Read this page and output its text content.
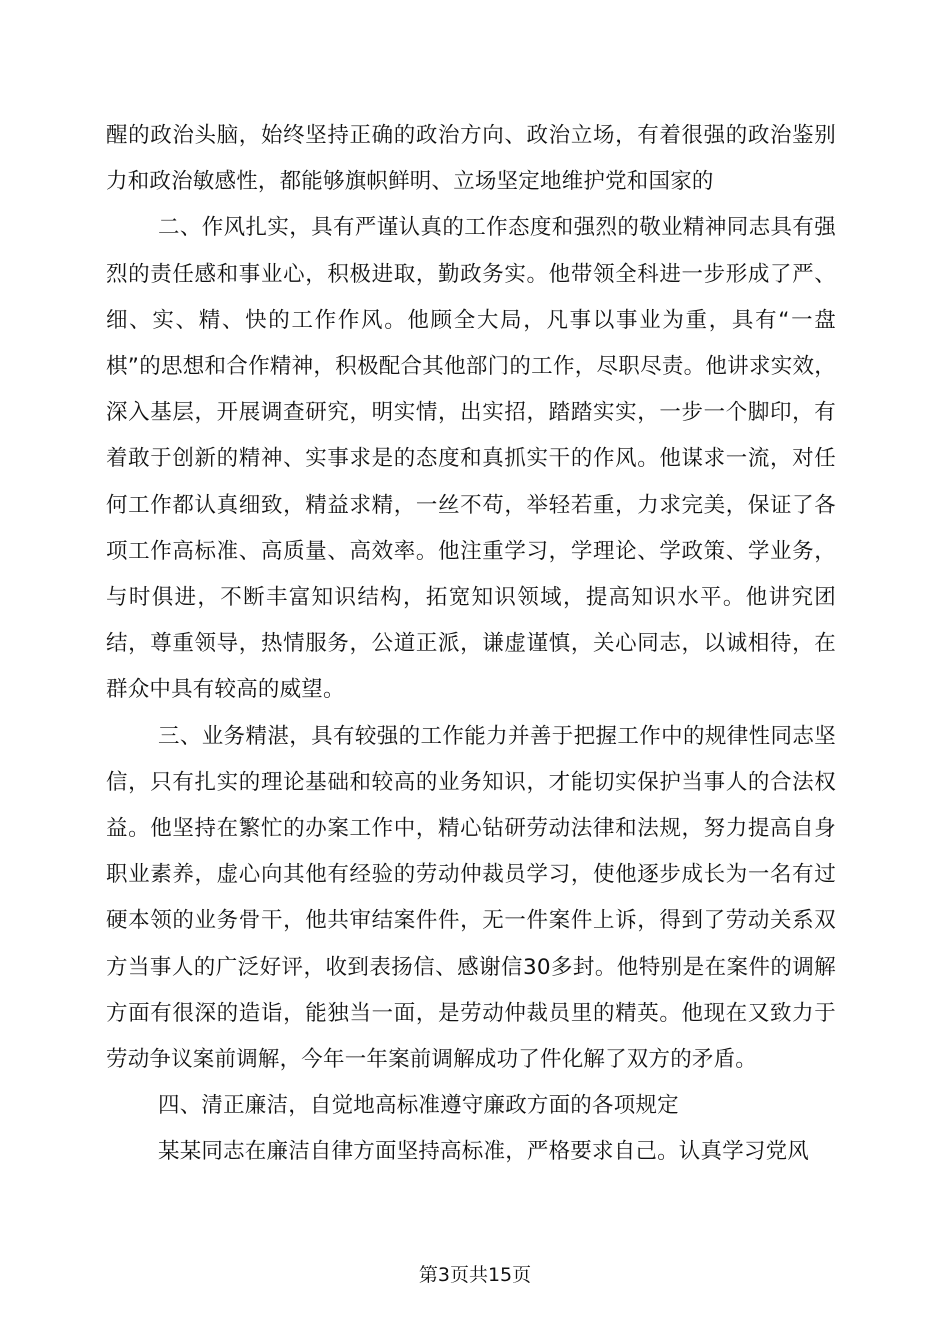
醒的政治头脑，始终坚持正确的政治方向、政治立场，有着很强的政治鉴别力和政治敏感性，都能够旗帜鲜明、立场坚定地维护党和国家的

二、作风扎实，具有严谨认真的工作态度和强烈的敬业精神同志具有强烈的责任感和事业心，积极进取，勤政务实。他带领全科进一步形成了严、细、实、精、快的工作作风。他顾全大局，凡事以事业为重，具有“一盘棋”的思想和合作精神，积极配合其他部门的工作，尽职尽责。他讲求实效，深入基层，开展调查研究，明实情，出实招，踏踏实实，一步一个脚印，有着敢于创新的精神、实事求是的态度和真抓实干的作风。他谋求一流，对任何工作都认真细致，精益求精，一丝不苟，举轻若重，力求完美，保证了各项工作高标准、高质量、高效率。他注重学习，学理论、学政策、学业务，与时俱进，不断丰富知识结构，拓宽知识领域，提高知识水平。他讲究团结，尊重领导，热情服务，公道正派，谦虚谨慎，关心同志，以诚相待，在群众中具有较高的威望。

三、业务精湛，具有较强的工作能力并善于把握工作中的规律性同志坚信，只有扎实的理论基础和较高的业务知识，才能切实保护当事人的合法权益。他坚持在繁忙的办案工作中，精心钻研劳动法律和法规，努力提高自身职业素养，虚心向其他有经验的劳动仲裁员学习，使他逐步成长为一名有过硬本领的业务骨干，他共审结案件件，无一件案件上诉，得到了劳动关系双方当事人的广泛好评，收到表扬信、感谢信30多封。他特别是在案件的调解方面有很深的造诣，能独当一面，是劳动仲裁员里的精英。他现在又致力于劳动争议案前调解，今年一年案前调解成功了件化解了双方的矛盾。

四、清正廉洁，自觉地高标准遵守廉政方面的各项规定

某某同志在廉洁自律方面坚持高标准，严格要求自己。认真学习党风

第3页共15页
